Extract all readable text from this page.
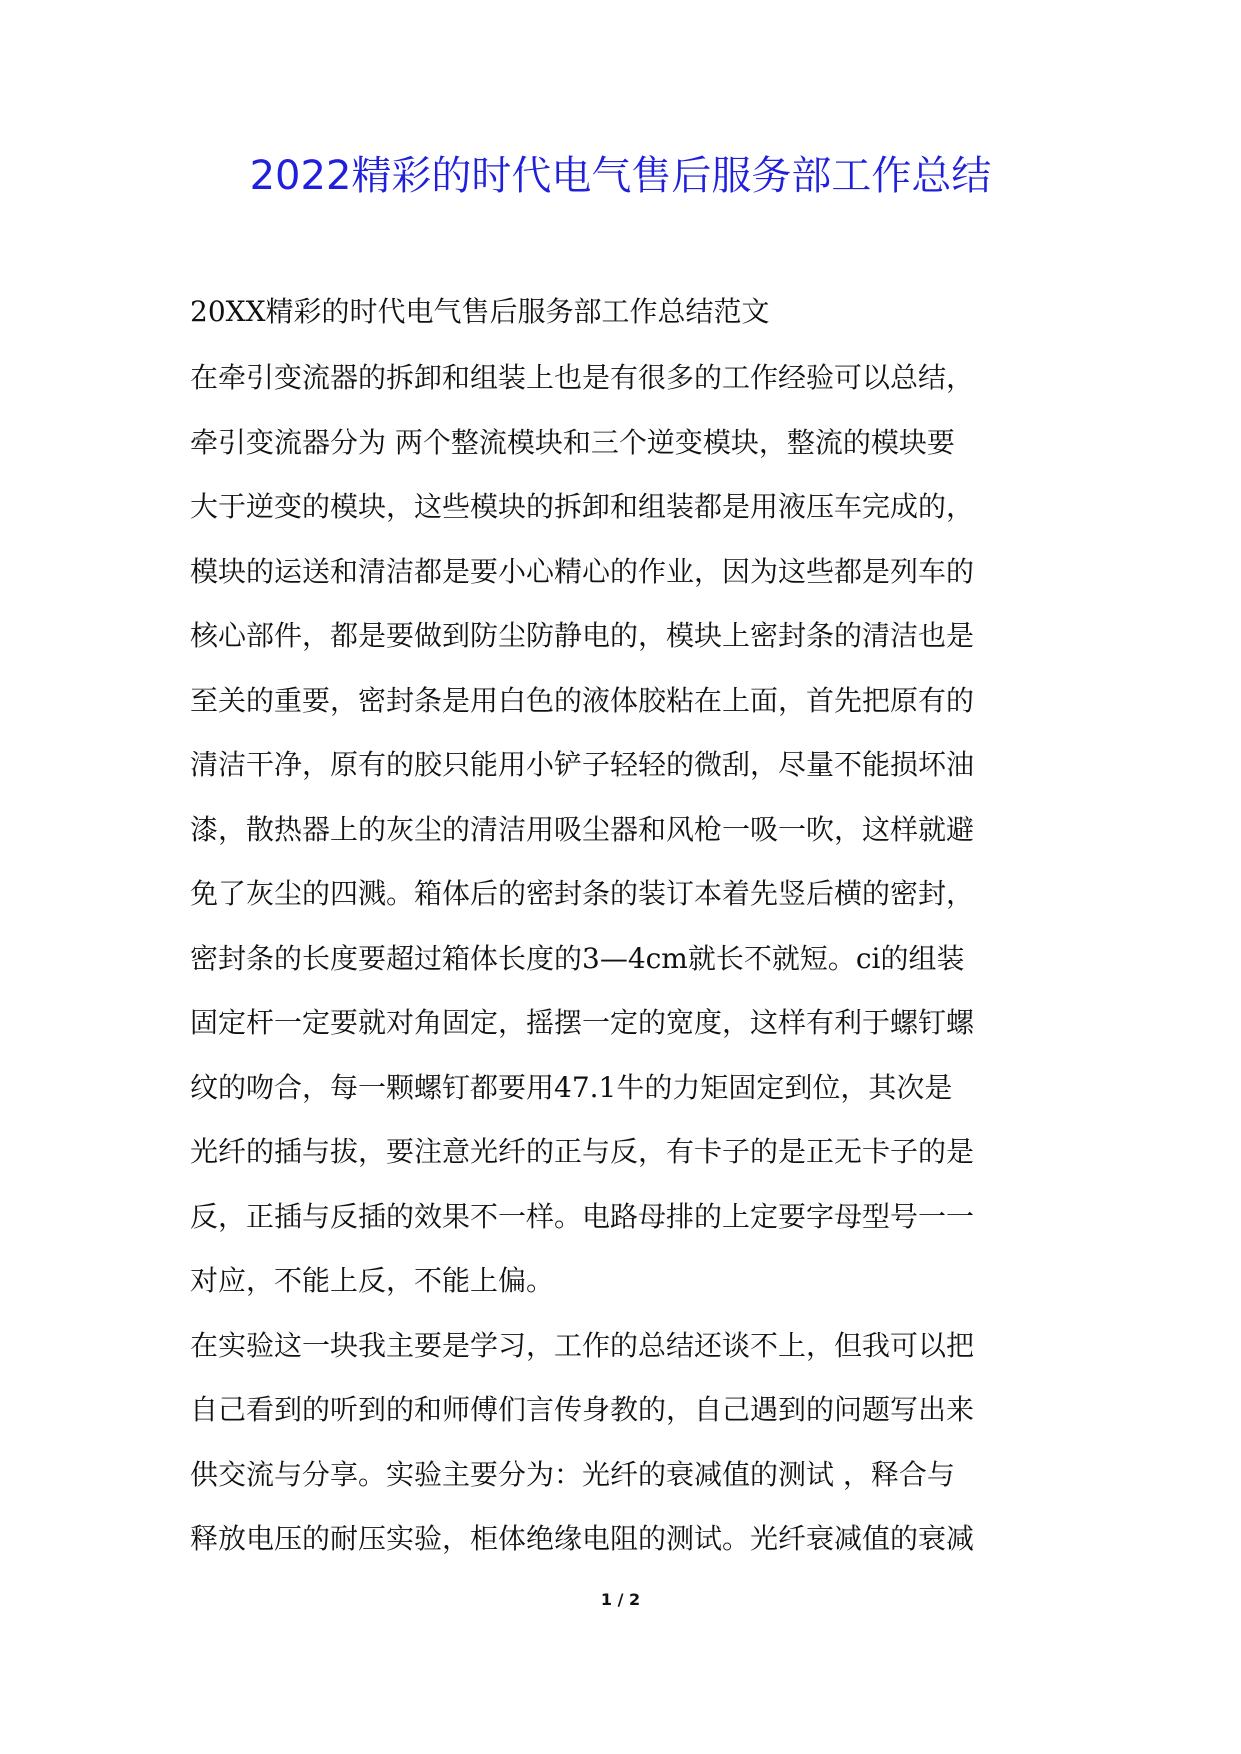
2022精彩的时代电气售后服务部工作总结

20XX精彩的时代电气售后服务部工作总结范文

在牵引变流器的拆卸和组装上也是有很多的工作经验可以总结，
牵引变流器分为 两个整流模块和三个逆变模块，整流的模块要
大于逆变的模块，这些模块的拆卸和组装都是用液压车完成的，
模块的运送和清洁都是要小心精心的作业，因为这些都是列车的
核心部件，都是要做到防尘防静电的，模块上密封条的清洁也是
至关的重要，密封条是用白色的液体胶粘在上面，首先把原有的
清洁干净，原有的胶只能用小铲子轻轻的微刮，尽量不能损坏油
漆，散热器上的灰尘的清洁用吸尘器和风枪一吸一吹，这样就避
免了灰尘的四溅。箱体后的密封条的装订本着先竖后横的密封，
密封条的长度要超过箱体长度的3—4cm就长不就短。ci的组装
固定杆一定要就对角固定，摇摆一定的宽度，这样有利于螺钉螺
纹的吻合，每一颗螺钉都要用47.1牛的力矩固定到位，其次是
光纤的插与拔，要注意光纤的正与反，有卡子的是正无卡子的是
反，正插与反插的效果不一样。电路母排的上定要字母型号一一
对应，不能上反，不能上偏。
在实验这一块我主要是学习，工作的总结还谈不上，但我可以把
自己看到的听到的和师傅们言传身教的，自己遇到的问题写出来
供交流与分享。实验主要分为：光纤的衰减值的测试 ，释合与
释放电压的耐压实验，柜体绝缘电阻的测试。光纤衰减值的衰减
1 / 2
